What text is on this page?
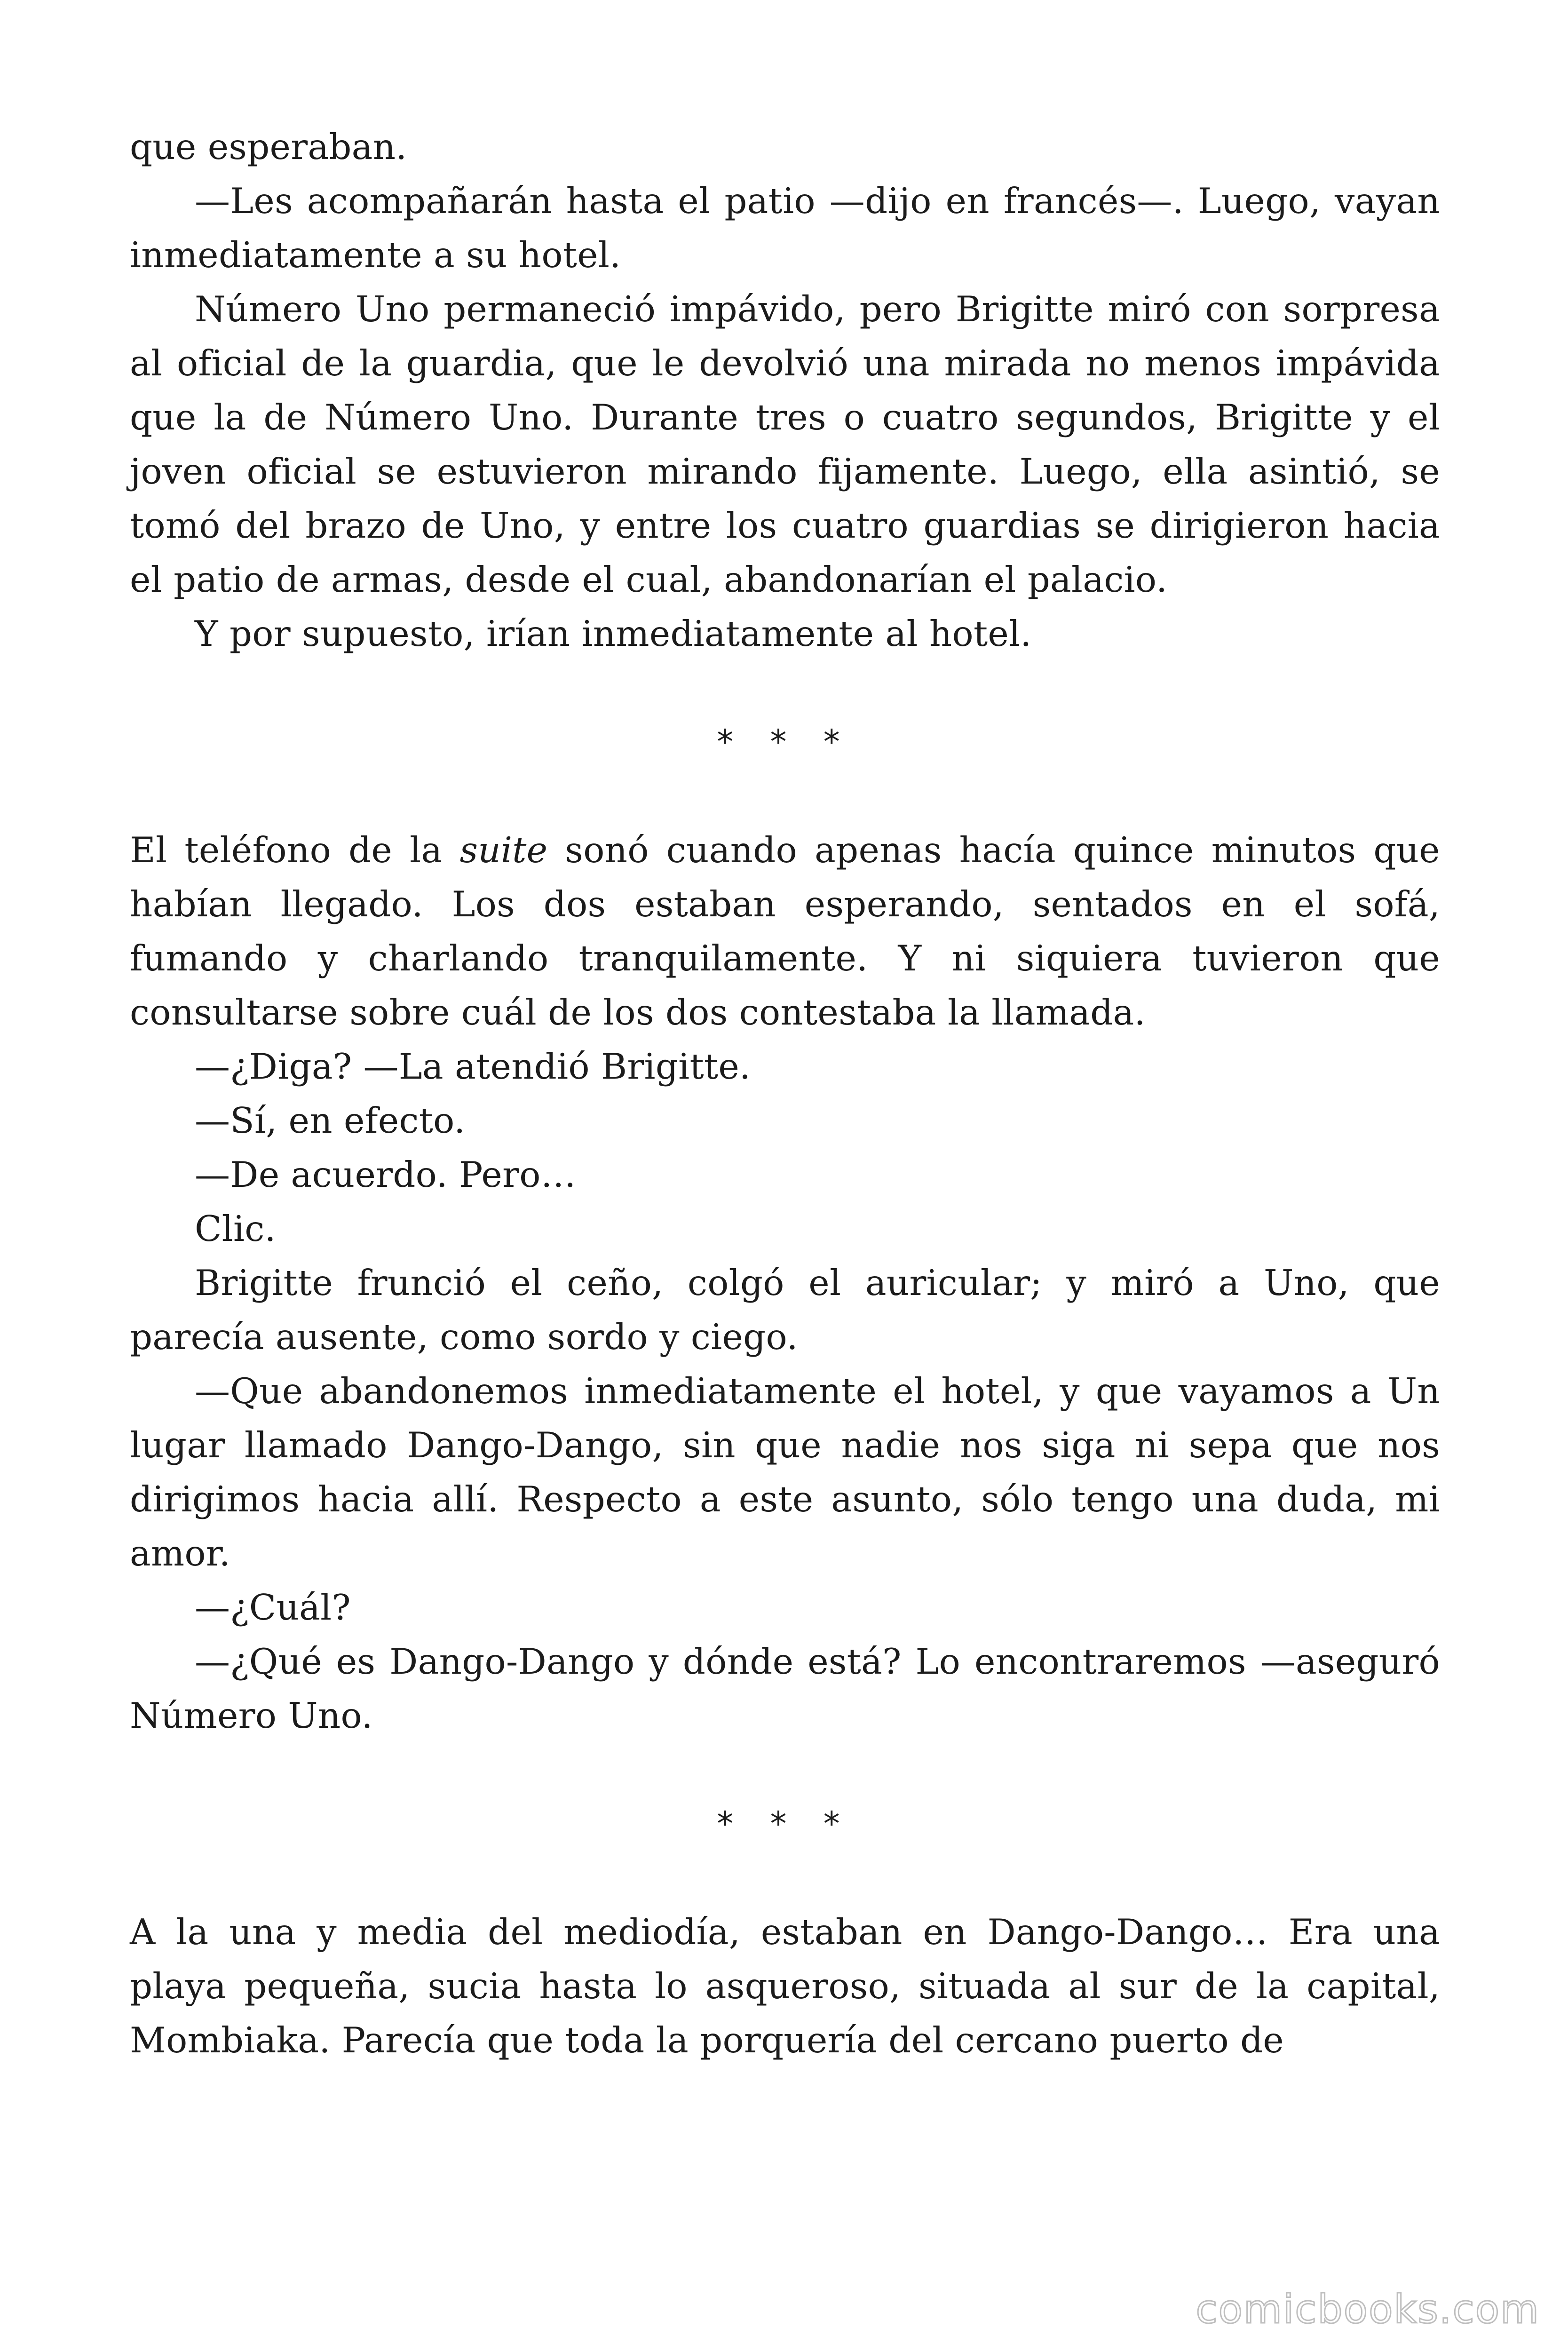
que esperaban.

—Les acompañarán hasta el patio —dijo en francés—. Luego, vayan inmediatamente a su hotel.

Número Uno permaneció impávido, pero Brigitte miró con sorpresa al oficial de la guardia, que le devolvió una mirada no menos impávida que la de Número Uno. Durante tres o cuatro segundos, Brigitte y el joven oficial se estuvieron mirando fijamente. Luego, ella asintió, se tomó del brazo de Uno, y entre los cuatro guardias se dirigieron hacia el patio de armas, desde el cual, abandonarían el palacio.

Y por supuesto, irían inmediatamente al hotel.

* * *

El teléfono de la suite sonó cuando apenas hacía quince minutos que habían llegado. Los dos estaban esperando, sentados en el sofá, fumando y charlando tranquilamente. Y ni siquiera tuvieron que consultarse sobre cuál de los dos contestaba la llamada.

—¿Diga? —La atendió Brigitte.

—Sí, en efecto.

—De acuerdo. Pero…

Clic.

Brigitte frunció el ceño, colgó el auricular; y miró a Uno, que parecía ausente, como sordo y ciego.

—Que abandonemos inmediatamente el hotel, y que vayamos a Un lugar llamado Dango-Dango, sin que nadie nos siga ni sepa que nos dirigimos hacia allí. Respecto a este asunto, sólo tengo una duda, mi amor.

—¿Cuál?

—¿Qué es Dango-Dango y dónde está? Lo encontraremos —aseguró Número Uno.

* * *

A la una y media del mediodía, estaban en Dango-Dango… Era una playa pequeña, sucia hasta lo asqueroso, situada al sur de la capital, Mombiaka. Parecía que toda la porquería del cercano puerto de

comicbooks.com
